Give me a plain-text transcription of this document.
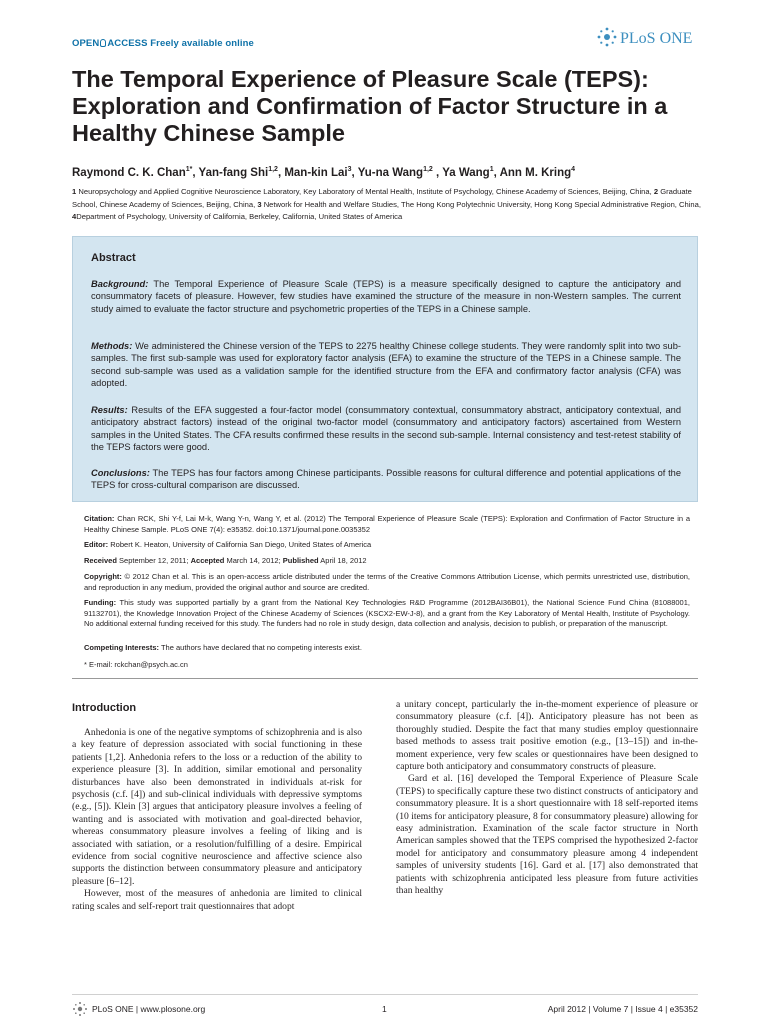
OPEN ACCESS Freely available online	PLoS ONE
The Temporal Experience of Pleasure Scale (TEPS): Exploration and Confirmation of Factor Structure in a Healthy Chinese Sample
Raymond C. K. Chan$^{1*}$, Yan-fang Shi$^{1,2}$, Man-kin Lai$^3$, Yu-na Wang$^{1,2}$ , Ya Wang$^1$, Ann M. Kring$^4$
1 Neuropsychology and Applied Cognitive Neuroscience Laboratory, Key Laboratory of Mental Health, Institute of Psychology, Chinese Academy of Sciences, Beijing, China, 2 Graduate School, Chinese Academy of Sciences, Beijing, China, 3 Network for Health and Welfare Studies, The Hong Kong Polytechnic University, Hong Kong Special Administrative Region, China, 4Department of Psychology, University of California, Berkeley, California, United States of America
Abstract

Background: The Temporal Experience of Pleasure Scale (TEPS) is a measure specifically designed to capture the anticipatory and consummatory facets of pleasure. However, few studies have examined the structure of the measure in non-Western samples. The current study aimed to evaluate the factor structure and psychometric properties of the TEPS in a Chinese sample.

Methods: We administered the Chinese version of the TEPS to 2275 healthy Chinese college students. They were randomly split into two sub-samples. The first sub-sample was used for exploratory factor analysis (EFA) to examine the structure of the TEPS in a Chinese sample. The second sub-sample was used as a validation sample for the identified structure from the EFA and confirmatory factor analysis (CFA) was adopted.

Results: Results of the EFA suggested a four-factor model (consummatory contextual, consummatory abstract, anticipatory contextual, and anticipatory abstract factors) instead of the original two-factor model (consummatory and anticipatory factors) ascertained from Western samples in the United States. The CFA results confirmed these results in the second sub-sample. Internal consistency and test-retest stability of the TEPS factors were good.

Conclusions: The TEPS has four factors among Chinese participants. Possible reasons for cultural difference and potential applications of the TEPS for cross-cultural comparison are discussed.

Citation: Chan RCK, Shi Y-f, Lai M-k, Wang Y-n, Wang Y, et al. (2012) The Temporal Experience of Pleasure Scale (TEPS): Exploration and Confirmation of Factor Structure in a Healthy Chinese Sample. PLoS ONE 7(4): e35352. doi:10.1371/journal.pone.0035352

Editor: Robert K. Heaton, University of California San Diego, United States of America

Received September 12, 2011; Accepted March 14, 2012; Published April 18, 2012

Copyright: © 2012 Chan et al. This is an open-access article distributed under the terms of the Creative Commons Attribution License, which permits unrestricted use, distribution, and reproduction in any medium, provided the original author and source are credited.

Funding: This study was supported partially by a grant from the National Key Technologies R&D Programme (2012BAI36B01), the National Science Fund China (81088001, 91132701), the Knowledge Innovation Project of the Chinese Academy of Sciences (KSCX2-EW-J-8), and a grant from the Key Laboratory of Mental Health, Institute of Psychology. No additional external funding received for this study. The funders had no role in study design, data collection and analysis, decision to publish, or preparation of the manuscript.

Competing Interests: The authors have declared that no competing interests exist.

* E-mail: rckchan@psych.ac.cn

Introduction

Anhedonia is one of the negative symptoms of schizophrenia and is also a key feature of depression associated with social functioning in these patients [1,2]. Anhedonia refers to the loss or a reduction of the ability to experience pleasure [3]. In addition, similar emotional and personality disturbances have also been demonstrated in individuals at-risk for psychosis (c.f. [4]) and sub-clinical individuals with depressive symptoms (e.g., [5]). Klein [3] argues that anticipatory pleasure involves a feeling of wanting and is associated with motivation and goal-directed behavior, whereas consummatory pleasure involves a feeling of liking and is associated with satiation, or a resolution/fulfilling of a desire. Empirical evidence from social cognitive neuroscience and affective science also supports the distinction between consummatory pleasure and anticipatory pleasure [6–12].

However, most of the measures of anhedonia are limited to clinical rating scales and self-report trait questionnaires that adopt

a unitary concept, particularly the in-the-moment experience of pleasure or consummatory pleasure (c.f. [4]). Anticipatory pleasure has not been as thoroughly studied. Despite the fact that many studies employ questionnaire based methods to assess trait positive emotion (e.g., [13–15]) and in-the-moment experience, very few scales or questionnaires have been designed to capture both anticipatory and consummatory constructs of pleasure.

Gard et al. [16] developed the Temporal Experience of Pleasure Scale (TEPS) to specifically capture these two distinct constructs of anticipatory and consummatory pleasure. It is a short questionnaire with 18 self-reported items (10 items for anticipatory pleasure, 8 for consummatory pleasure) allowing for easy administration. Examination of the scale factor structure in North American samples showed that the TEPS comprised the hypothesized 2-factor model for anticipatory and consummatory pleasure among 4 independent samples of university students [16]. Gard et al. [17] also demonstrated that patients with schizophrenia anticipated less pleasure from future activities than healthy

PLoS ONE | www.plosone.org	1	April 2012 | Volume 7 | Issue 4 | e35352
